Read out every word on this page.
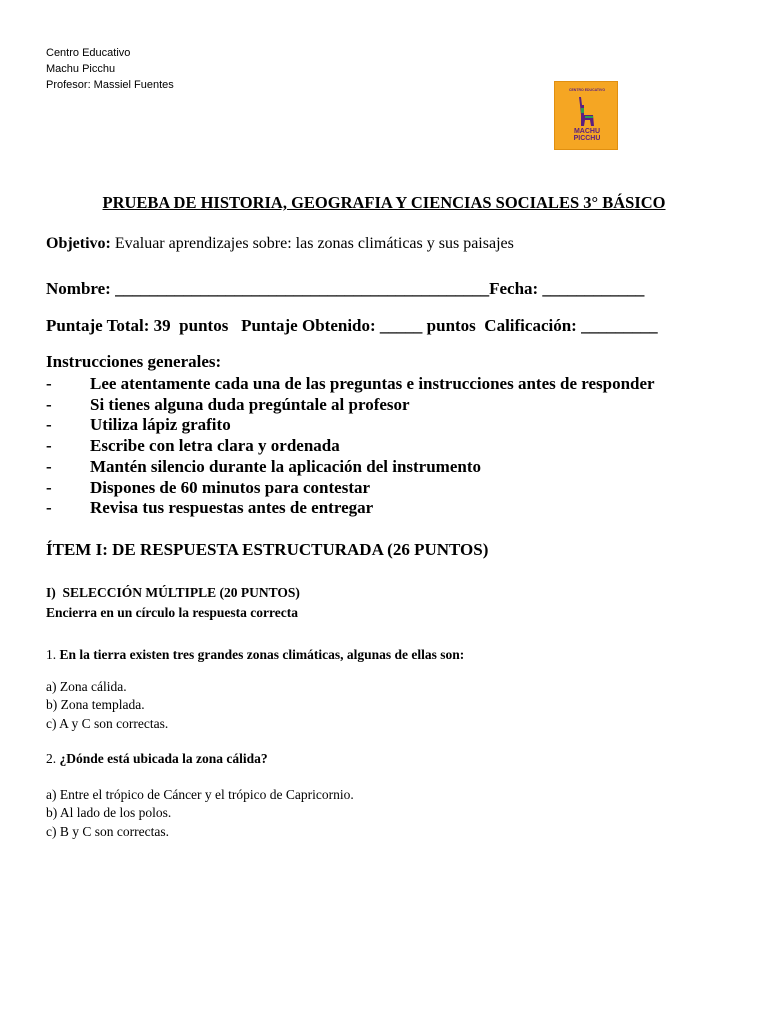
Centro Educativo
Machu Picchu
Profesor: Massiel Fuentes	CENTRO EDUCATIVO
MACHU
PICCHU
PRUEBA DE HISTORIA, GEOGRAFIA Y CIENCIAS SOCIALES 3° BÁSICO
Objetivo: Evaluar aprendizajes sobre: las zonas climáticas y sus paisajes
Nombre: ____________________________________________Fecha: ____________
Puntaje Total: 39  puntos   Puntaje Obtenido: _____ puntos  Calificación: _________
Instrucciones generales:
- Lee atentamente cada una de las preguntas e instrucciones antes de responder
- Si tienes alguna duda pregúntale al profesor
- Utiliza lápiz grafito
- Escribe con letra clara y ordenada
- Mantén silencio durante la aplicación del instrumento
- Dispones de 60 minutos para contestar
- Revisa tus respuestas antes de entregar
ÍTEM I: DE RESPUESTA ESTRUCTURADA (26 PUNTOS)
I)  SELECCIÓN MÚLTIPLE (20 PUNTOS)
Encierra en un círculo la respuesta correcta
1. En la tierra existen tres grandes zonas climáticas, algunas de ellas son:
a) Zona cálida.
b) Zona templada.
c) A y C son correctas.
2. ¿Dónde está ubicada la zona cálida?
a) Entre el trópico de Cáncer y el trópico de Capricornio.
b) Al lado de los polos.
c) B y C son correctas.
